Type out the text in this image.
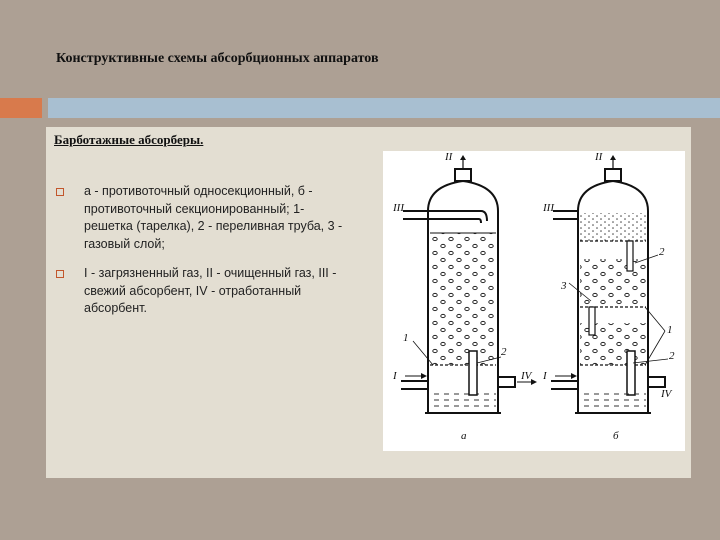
Конструктивные схемы абсорбционных аппаратов
Барботажные абсорберы.
а - противоточный односекционный, б - противоточный секционированный; 1- решетка (тарелка), 2 - переливная труба, 3 - газовый слой;
I - загрязненный газ, II - очищенный газ, III - свежий абсорбент, IV - отработанный абсорбент.
II
III
1
2
I	IV
а
II
III
2
3
1
2
I
IV
б
